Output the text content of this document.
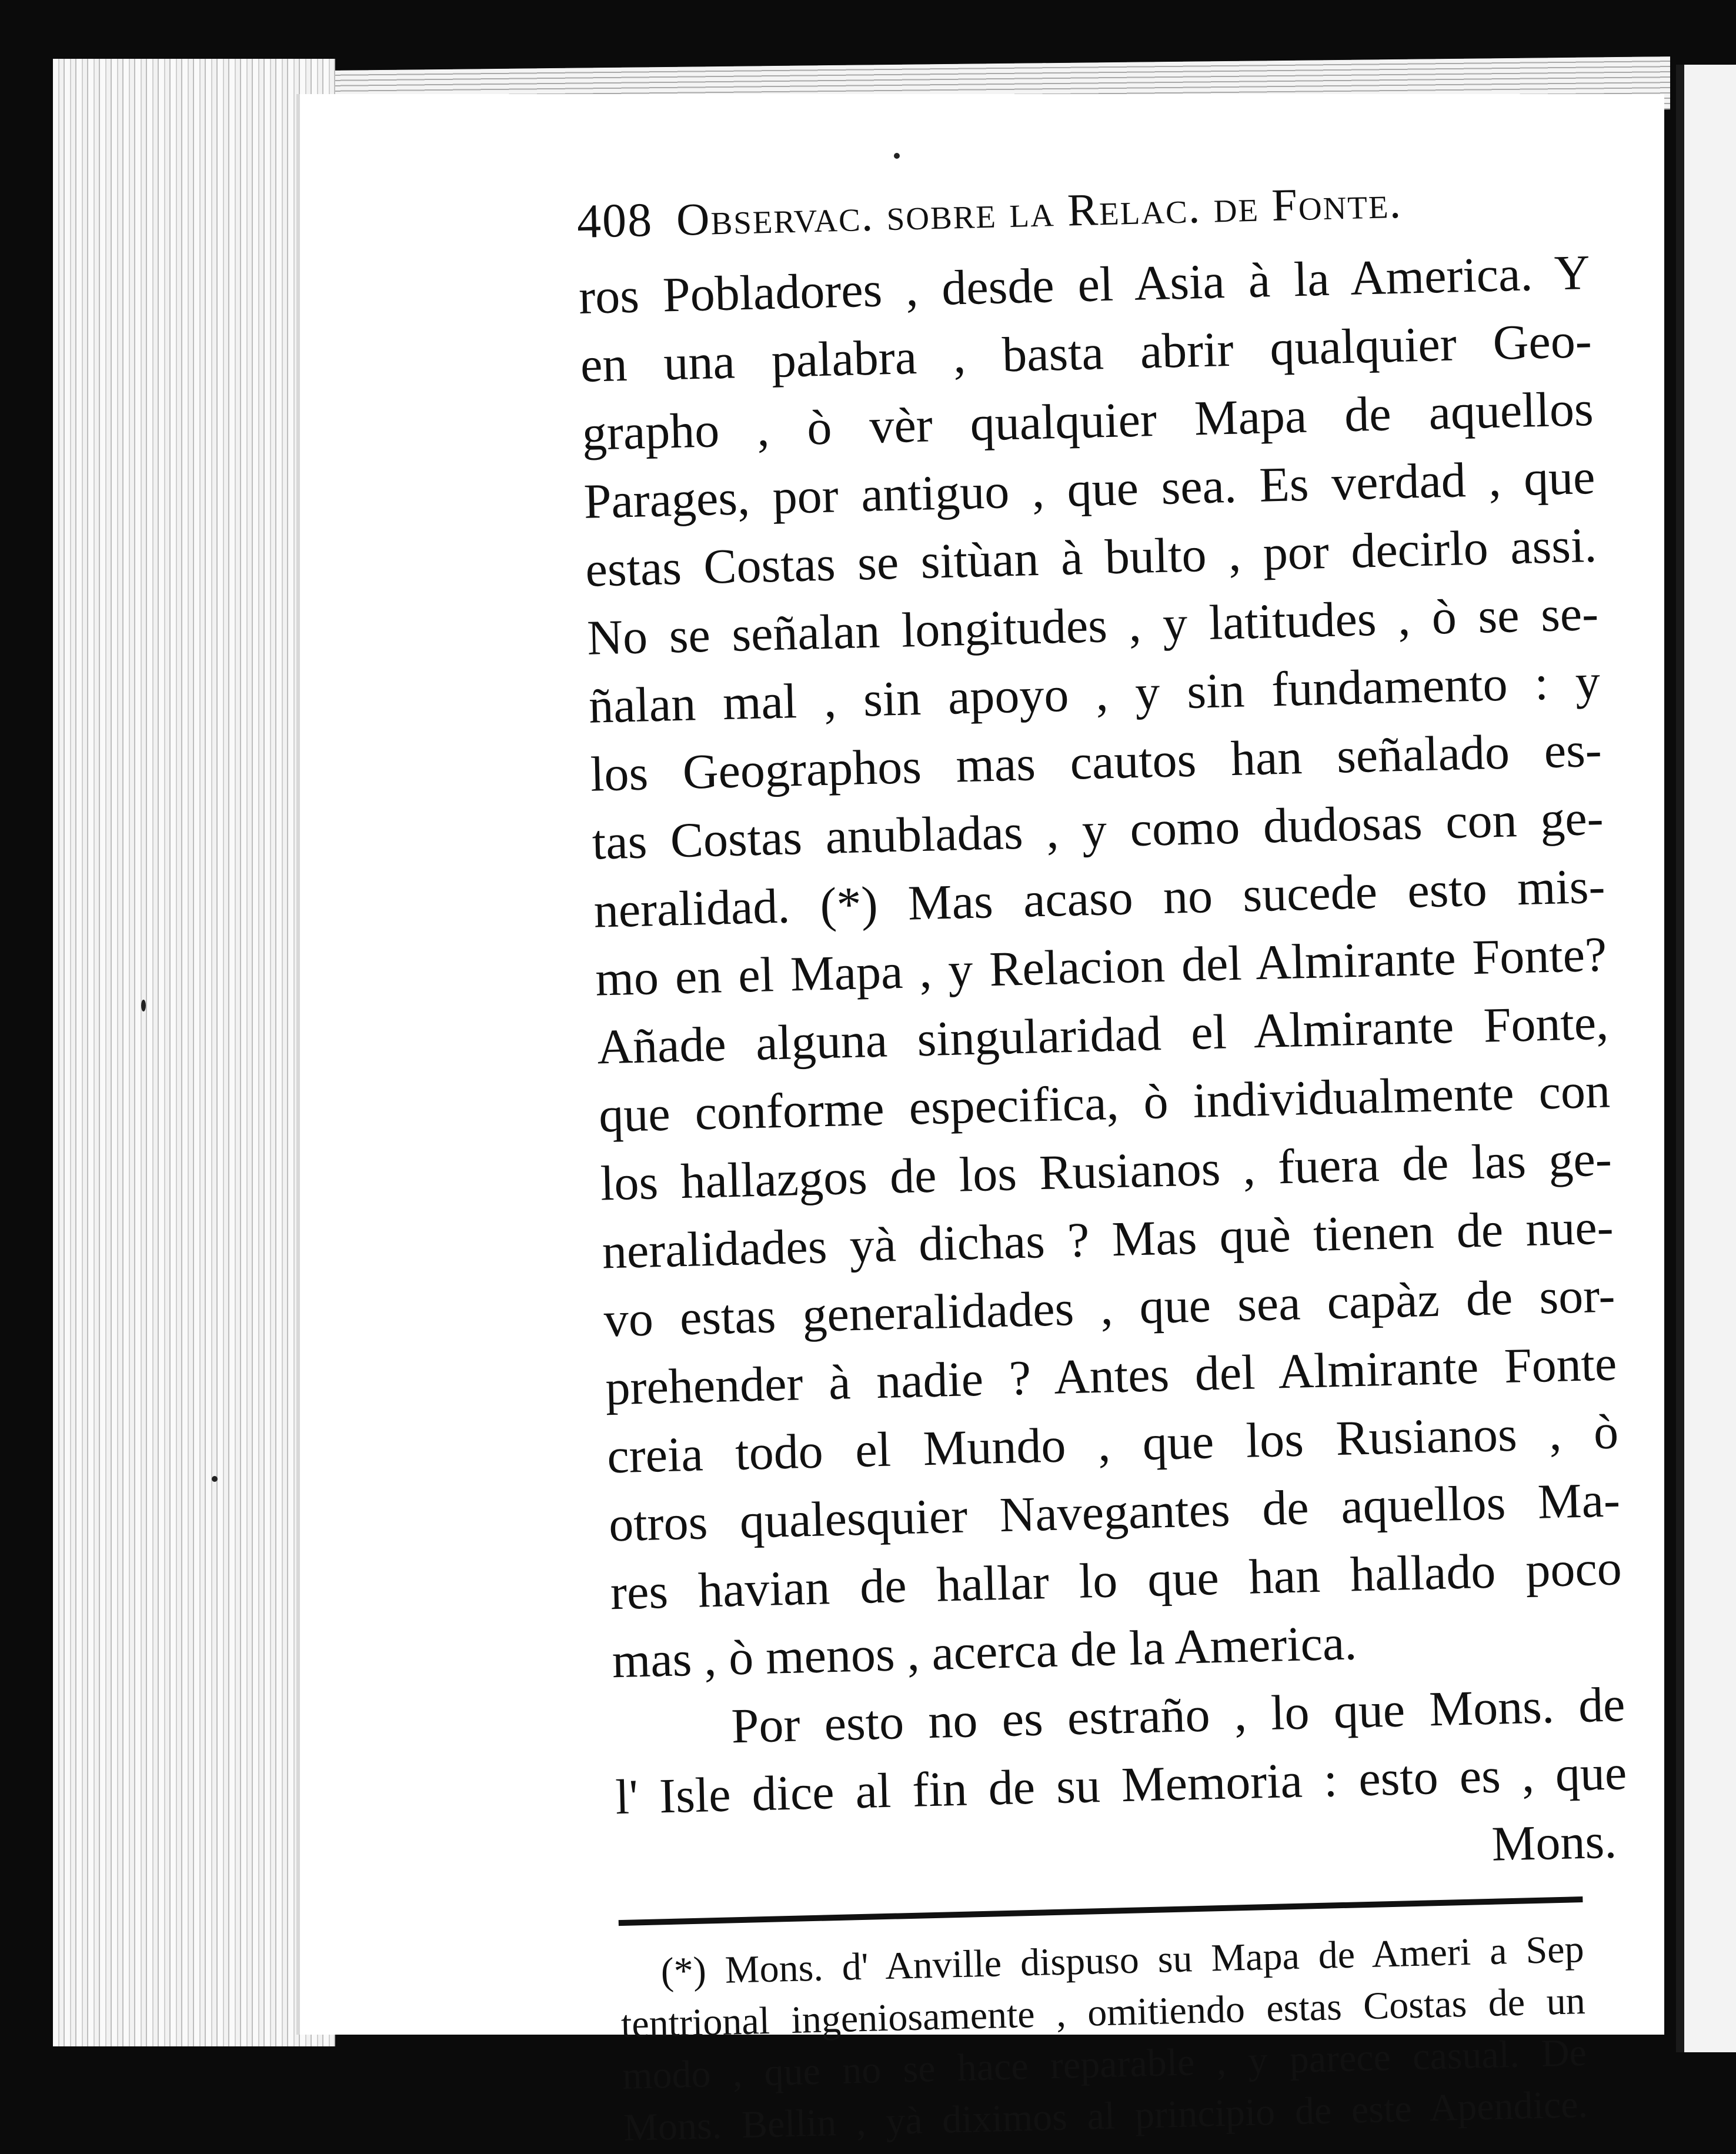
408 Observac. sobre la Relac. de Fonte.
ros Pobladores , desde el Asia à la America. Y
en una palabra , basta abrir qualquier Geo-
grapho , ò vèr qualquier Mapa de aquellos
Parages, por antiguo , que sea. Es verdad , que
estas Costas se sitùan à bulto , por decirlo assi.
No se señalan longitudes , y latitudes , ò se se-
ñalan mal , sin apoyo , y sin fundamento : y
los Geographos mas cautos han señalado es-
tas Costas anubladas , y como dudosas con ge-
neralidad. (*) Mas acaso no sucede esto mis-
mo en el Mapa , y Relacion del Almirante Fonte?
Añade alguna singularidad el Almirante Fonte,
que conforme especifica, ò individualmente con
los hallazgos de los Rusianos , fuera de las ge-
neralidades yà dichas ? Mas què tienen de nue-
vo estas generalidades , que sea capàz de sor-
prehender à nadie ? Antes del Almirante Fonte
creia todo el Mundo , que los Rusianos , ò
otros qualesquier Navegantes de aquellos Ma-
res havian de hallar lo que han hallado poco
mas , ò menos , acerca de la America.
Por esto no es estraño , lo que Mons. de
l' Isle dice al fin de su Memoria : esto es , que
Mons.
(*) Mons. d' Anville dispuso su Mapa de Ameri a Sep
tentrional ingeniosamente , omitiendo estas Costas de un
modo , que no se hace reparable , y parece casual. De
Mons. Bellin , yà diximos al principio de este Apendice.
